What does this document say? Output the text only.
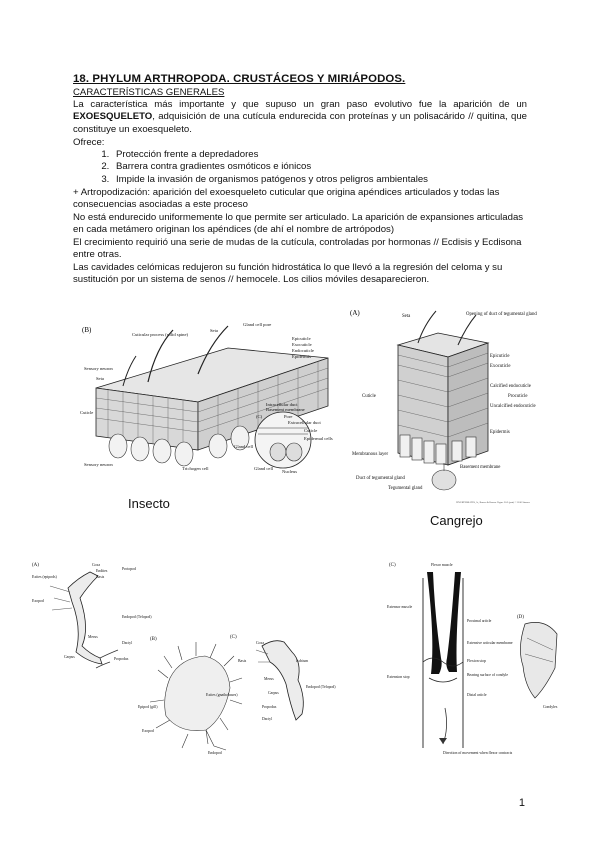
18. PHYLUM ARTHROPODA. CRUSTÁCEOS Y MIRIÁPODOS.
CARACTERÍSTICAS GENERALES
La característica más importante y que supuso un gran paso evolutivo fue la aparición de un EXOESQUELETO, adquisición de una cutícula endurecida con proteínas y un polisacárido // quitina, que constituye un exoesqueleto.
Ofrece:
1. Protección frente a depredadores
2. Barrera contra gradientes osmóticos e iónicos
3. Impide la invasión de organismos patógenos y otros peligros ambientales
+ Artropodización: aparición del exoesqueleto cuticular que origina apéndices articulados y todas las consecuencias asociadas a este proceso
No está endurecido uniformemente lo que permite ser articulado. La aparición de expansiones articuladas en cada metámero originan los apéndices (de ahí el nombre de artrópodos)
El crecimiento requirió una serie de mudas de la cutícula, controladas por hormonas // Ecdisis y Ecdisona entre otras.
Las cavidades celómicas redujeron su función hidrostática lo que llevó a la regresión del celoma y su sustitución por un sistema de senos // hemocele. Los cilios móviles desaparecieron.
(B)
Cuticular process (solid spine)
Seta
Gland cell pore
Epicuticle
Exocuticle
Endocuticle
Epidermis
Sensory neuron
Seta
Cuticle
Intracellular duct
Basement membrane
Pore
Extracellular duct
Cuticle
Epidermal cells
Gland cell
Nucleus
Gland cell
Trichogen cell
Sensory neuron
(C)
Insecto
(A)	Seta	Opening of duct of tegumental gland
Epicuticle
Exocuticle
Calcified endocuticle
Uncalcified endocuticle
Procuticle
Epidermis
Cuticle
Membranous layer
Basement membrane
Duct of tegumental gland
Tegumental gland
INVERTEBRATES, 3e, Brusca & Brusca. Figure 20.2 (part) © 2016 Sinauer
Cangrejo
(A)
(B)	(C)
Exites (epipods)
Coxa
Endites
Basis
Protopod
Exopod
Endopod (Telopod)
Merus
Dactyl
Carpus	Propodus
Exites (gnathobases)
Epipod (gill)
Exopod
Endopod
Coxa
Basis	Ischium
Merus
Carpus
Propodus
Dactyl
Endopod (Telopod)
(C)
(D)
Flexor muscle
Extensor muscle
Proximal article
Extensive articular membrane
Flexion stop
Bearing surface of condyle
Extension stop
Distal article
Direction of movement when flexor contracts
Condyles
1
